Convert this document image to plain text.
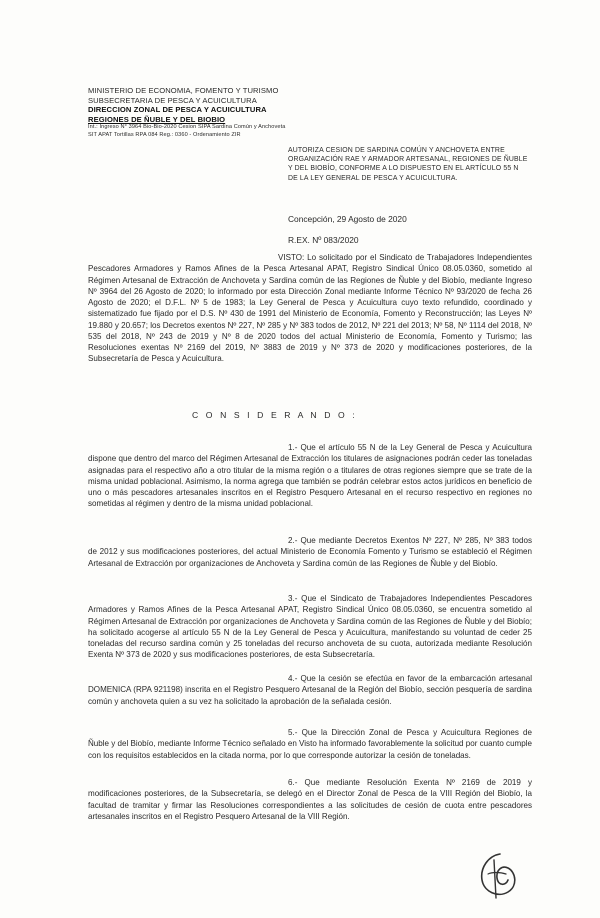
MINISTERIO DE ECONOMIA, FOMENTO Y TURISMO
SUBSECRETARIA DE PESCA Y ACUICULTURA
DIRECCION ZONAL DE PESCA Y ACUICULTURA
REGIONES DE ÑUBLE Y DEL BIOBIO
Int.: Ingreso N° 3964 Bio-Bio-2020 Cesion SIPA Sardina Común y Anchoveta
SIT APAT Tortillas RPA 084 Reg.: 0360 - Ordenamiento ZIR
AUTORIZA CESION DE SARDINA COMÚN Y ANCHOVETA ENTRE ORGANIZACIÓN RAE Y ARMADOR ARTESANAL, REGIONES DE ÑUBLE Y DEL BIOBÍO, CONFORME A LO DISPUESTO EN EL ARTÍCULO 55 N DE LA LEY GENERAL DE PESCA Y ACUICULTURA.
Concepción, 29 Agosto de 2020
R.EX. Nº 083/2020
VISTO: Lo solicitado por el Sindicato de Trabajadores Independientes Pescadores Armadores y Ramos Afines de la Pesca Artesanal APAT, Registro Sindical Único 08.05.0360, sometido al Régimen Artesanal de Extracción de Anchoveta y Sardina común de las Regiones de Ñuble y del Biobío, mediante Ingreso Nº 3964 del 26 Agosto de 2020; lo informado por esta Dirección Zonal mediante Informe Técnico Nº 93/2020 de fecha 26 Agosto de 2020; el D.F.L. Nº 5 de 1983; la Ley General de Pesca y Acuicultura cuyo texto refundido, coordinado y sistematizado fue fijado por el D.S. Nº 430 de 1991 del Ministerio de Economía, Fomento y Reconstrucción; las Leyes Nº 19.880 y 20.657; los Decretos exentos Nº 227, Nº 285 y Nº 383 todos de 2012, Nº 221 del 2013; Nº 58, Nº 1114 del 2018, Nº 535 del 2018, Nº 243 de 2019 y Nº 8 de 2020 todos del actual Ministerio de Economía, Fomento y Turismo; las Resoluciones exentas Nº 2169 del 2019, Nº 3883 de 2019 y Nº 373 de 2020 y modificaciones posteriores, de la Subsecretaría de Pesca y Acuicultura.
C O N S I D E R A N D O :
1.- Que el artículo 55 N de la Ley General de Pesca y Acuicultura dispone que dentro del marco del Régimen Artesanal de Extracción los titulares de asignaciones podrán ceder las toneladas asignadas para el respectivo año a otro titular de la misma región o a titulares de otras regiones siempre que se trate de la misma unidad poblacional. Asimismo, la norma agrega que también se podrán celebrar estos actos jurídicos en beneficio de uno o más pescadores artesanales inscritos en el Registro Pesquero Artesanal en el recurso respectivo en regiones no sometidas al régimen y dentro de la misma unidad poblacional.
2.- Que mediante Decretos Exentos Nº 227, Nº 285, Nº 383 todos de 2012 y sus modificaciones posteriores, del actual Ministerio de Economía Fomento y Turismo se estableció el Régimen Artesanal de Extracción por organizaciones de Anchoveta y Sardina común de las Regiones de Ñuble y del Biobío.
3.- Que el Sindicato de Trabajadores Independientes Pescadores Armadores y Ramos Afines de la Pesca Artesanal APAT, Registro Sindical Único 08.05.0360, se encuentra sometido al Régimen Artesanal de Extracción por organizaciones de Anchoveta y Sardina común de las Regiones de Ñuble y del Biobío; ha solicitado acogerse al artículo 55 N de la Ley General de Pesca y Acuicultura, manifestando su voluntad de ceder 25 toneladas del recurso sardina común y 25 toneladas del recurso anchoveta de su cuota, autorizada mediante Resolución Exenta Nº 373 de 2020 y sus modificaciones posteriores, de esta Subsecretaría.
4.- Que la cesión se efectúa en favor de la embarcación artesanal DOMENICA (RPA 921198) inscrita en el Registro Pesquero Artesanal de la Región del Biobío, sección pesquería de sardina común y anchoveta quien a su vez ha solicitado la aprobación de la señalada cesión.
5.- Que la Dirección Zonal de Pesca y Acuicultura Regiones de Ñuble y del Biobío, mediante Informe Técnico señalado en Visto ha informado favorablemente la solicitud por cuanto cumple con los requisitos establecidos en la citada norma, por lo que corresponde autorizar la cesión de toneladas.
6.- Que mediante Resolución Exenta Nº 2169 de 2019 y modificaciones posteriores, de la Subsecretaría, se delegó en el Director Zonal de Pesca de la VIII Región del Biobío, la facultad de tramitar y firmar las Resoluciones correspondientes a las solicitudes de cesión de cuota entre pescadores artesanales inscritos en el Registro Pesquero Artesanal de la VIII Región.
